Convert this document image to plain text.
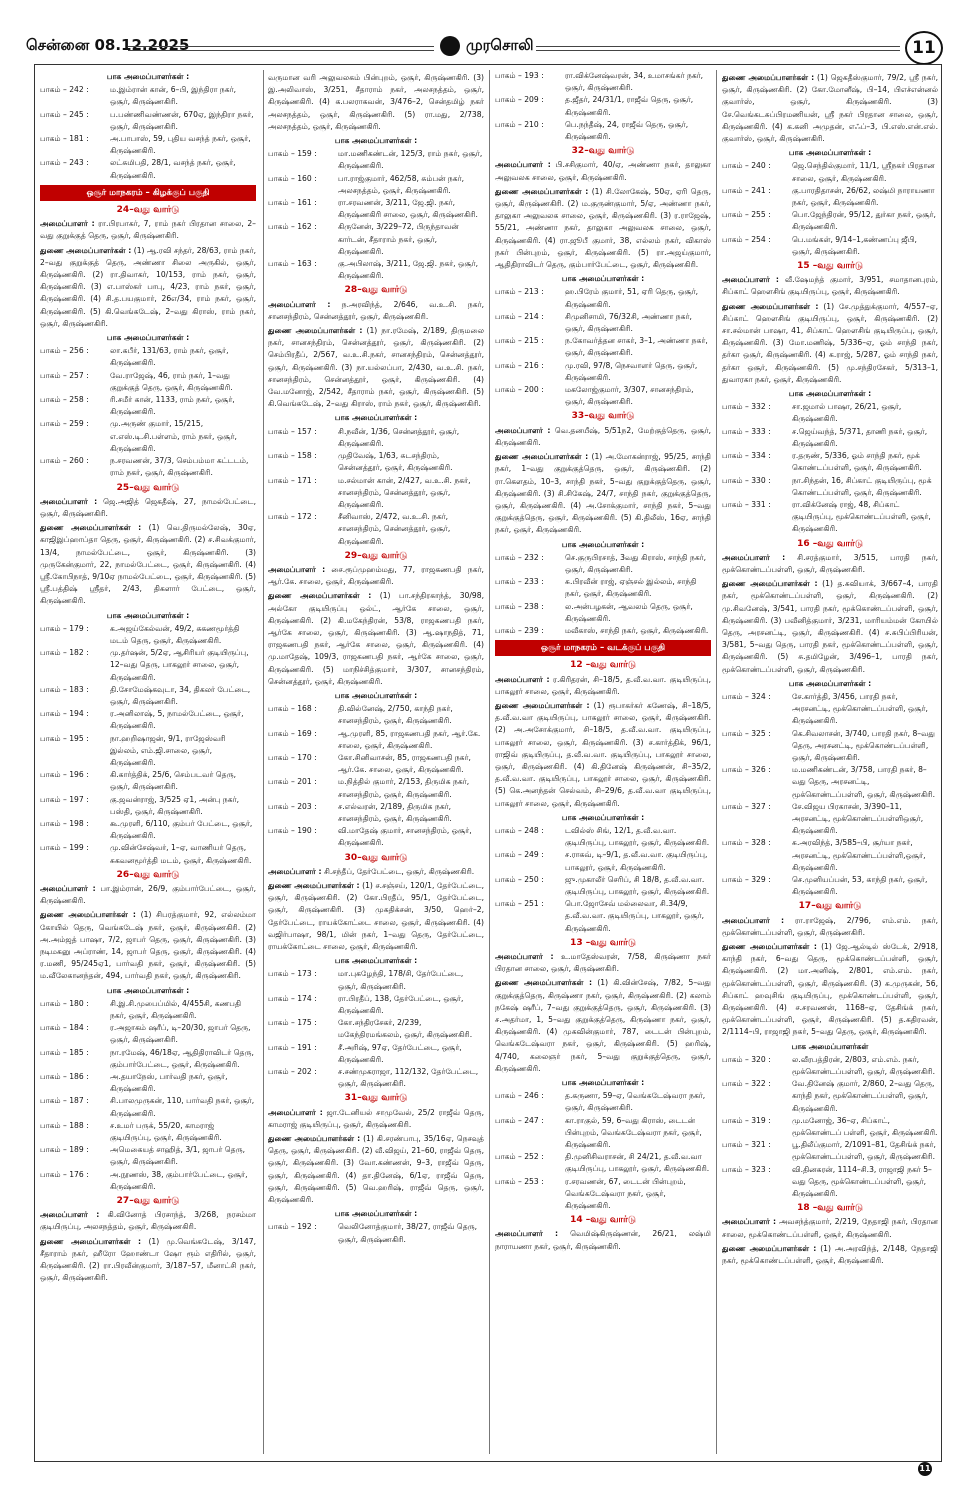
சென்னை 08.12.2025	முரசொலி	11
பாக அமைப்பாளர்கள் :
பாகம் – 242 :	ம.இம்ரான் கான், 6–பி, இந்திரா நகர், ஒசூர், கிருஷ்ணகிரி.
பாகம் – 245 :	ப.பண்ணிவண்ணன், 670ஏ, இந்திரா நகர், ஒசூர், கிருஷ்ணகிரி.
பாகம் – 181 :	அ.பாபாஸ், 59, புதிய வசந்த் நகர், ஒசூர், கிருஷ்ணகிரி.
பாகம் – 243 :	லட்சுமிபதி, 28/1, வசந்த் நகர், ஒசூர், கிருஷ்ணகிரி.
ஒசூர் மாநகரம் – கிழக்குப் பகுதி
24–வது வார்டு
அமைப்பாளர் : ரா.பிரபாகர், 7, ராம் நகர் பிரதான சாலை, 2–வது குறுக்குத் தெரு, ஒசூர், கிருஷ்ணகிரி.
துணை அமைப்பாளர்கள் : (1) ஆ.ரவி சந்தர், 28/63, ராம் நகர், 2–வது குறுக்குத் தெரு, அண்ணா சிலை அருகில், ஒசூர், கிருஷ்ணகிரி. (2) ரா.திவாகர், 10/153, ராம் நகர், ஒசூர், கிருஷ்ணகிரி. (3) எ.பாஸ்கர் பாபு, 4/23, ராம் நகர், ஒசூர், கிருஷ்ணகிரி. (4) சி.த.பயகுமார், 26எ/34, ராம் நகர், ஒசூர், கிருஷ்ணகிரி. (5) கி.வெங்கடேஷ், 2–வது கிராஸ், ராம் நகர், ஒசூர், கிருஷ்ணகிரி.
பாக அமைப்பாளர்கள் :
பாகம் – 256 :	லா.கபீர், 131/63, ராம் நகர், ஒசூர், கிருஷ்ணகிரி.
பாகம் – 257 :	வே.ராஜேஷ், 46, ராம் நகர், 1–வது குறுக்குத் தெரு, ஒசூர், கிருஷ்ணகிரி.
பாகம் – 258 :	ரி.சமீர் கான், 1133, ராம் நகர், ஒசூர், கிருஷ்ணகிரி.
பாகம் – 259 :	மு.அருண் குமார், 15/215, எ.எஸ்.டி.சி.பள்ளம், ராம் நகர், ஒசூர், கிருஷ்ணகிரி.
பாகம் – 260 :	ந.சரவணன், 37/3, செம்பம்மா கட்டடம், ராம் நகர், ஒசூர், கிருஷ்ணகிரி.
25–வது வார்டு
அமைப்பாளர் : ஜெ.அஜித் ஜெகதீஷ், 27, நாமல்பேட்டை, ஒசூர், கிருஷ்ணகிரி.
துணை அமைப்பாளர்கள் : (1) வெ.திருமல்லேஷ், 30ஏ, காஜிஇப்ஹாப்தா தெரு, ஒசூர், கிருஷ்ணகிரி. (2) ச.சிவக்குமார், 13/4, நாமல்பேட்டை, ஒசூர், கிருஷ்ணகிரி. (3) முருகேன்குமார், 22, நாமல்பேட்டை, ஒசூர், கிருஷ்ணகிரி. (4) ஸ்ரீ.கோபிநாத், 9/10ஏ நாமல்பேட்டை, ஒசூர், கிருஷ்ணகிரி. (5) ஸ்ரீ.பத்திஷ் ஸ்ரீதர், 2/43, திகளார் பேட்டை, ஒசூர், கிருஷ்ணகிரி.
பாக அமைப்பாளர்கள் :
பாகம் – 179 :	க.அஜய்கேல்வன், 49/2, சுகணமூர்த்தி மடம் தெரு, ஒசூர், கிருஷ்ணகிரி.
பாகம் – 182 :	மு.தர்ஷன், 5/2ஏ, ஆசிரியர் குடியிருப்பு, 12–வது தெரு, பாகலூர் சாலை, ஒசூர், கிருஷ்ணகிரி.
பாகம் – 183 :	தி.சோமேஷ்கவுடா, 34, திகலர் பேட்டை, ஒசூர், கிருஷ்ணகிரி.
பாகம் – 194 :	ர.அனிலாஷ், 5, நாமல்பேட்டை, ஒசூர், கிருஷ்ணகிரி.
பாகம் – 195 :	நா.ஹறிஷாஜன், 9/1, ராஜேஸ்வரி இல்லம், எம்.ஜி.சாலை, ஒசூர், கிருஷ்ணகிரி.
பாகம் – 196 :	கி.கார்த்திக், 25/6, செம்படவர் தெரு, ஒசூர், கிருஷ்ணகிரி.
பாகம் – 197 :	கு.ஜவன்ராஜ், 3/525 ஏ1, அன்பு நகர், பஸ்தி, ஒசூர், கிருஷ்ணகிரி.
பாகம் – 198 :	கூ.முரளி, 6/110, கும்பர் பேட்டை, ஒசூர், கிருஷ்ணகிரி.
பாகம் – 199 :	மு.வின்சேஷ்வர், 1–ஏ, வாணியர் தெரு, சுகவனமூர்த்தி மடம், ஒசூர், கிருஷ்ணகிரி.
26–வது வார்டு
அமைப்பாளர் : பா.இம்ரான், 26/9, கும்பார்பேட்டை, ஒசூர், கிருஷ்ணகிரி.
துணை அமைப்பாளர்கள் : (1) சிபரத்குமார், 92, எல்லம்மா கோயில் தெரு, வெங்கடேஷ் நகர், ஒசூர், கிருஷ்ணகிரி. (2) அ.அம்ஜத் பாஷா, 7/2, ஜாபர் தெரு, ஒசூர், கிருஷ்ணகிரி. (3) நடிமகனு அப்ராண், 14, ஜாபர் தெரு, ஒசூர், கிருஷ்ணகிரி. (4) ர.மணி, 95/245ஏ1, பார்வதி நகர், ஒசூர், கிருஷ்ணகிரி. (5) ம.வீலேகானந்தன், 494, பார்வதி நகர், ஒசூர், கிருஷ்ணகிரி.
பாக அமைப்பாளர்கள் :
பாகம் – 180 :	சி.இ.சி.முபைப்மில், 4/455சி, கணபதி நகர், ஒசூர், கிருஷ்ணகிரி.
பாகம் – 184 :	ர.அஜாகம் ஷரீப், டி–20/30, ஜாபர் தெரு, ஒசூர், கிருஷ்ணகிரி.
பாகம் – 185 :	நா.ரமேஷ், 46/18ஏ, ஆதிதிராவிடர் தெரு, கும்பார்பேட்டை, ஒசூர், கிருஷ்ணகிரி.
பாகம் – 186 :	அ.தயாநேஸ், பார்வதி நகர், ஒசூர், கிருஷ்ணகிரி.
பாகம் – 187 :	சி.பாலமுருகன், 110, பார்வதி நகர், ஒசூர், கிருஷ்ணகிரி.
பாகம் – 188 :	ச.உமர் பருக், 55/20, காமராஜ் குடியிருப்பு, ஒசூர், கிருஷ்ணகிரி.
பாகம் – 189 :	அமெகையத் சாஹித், 3/1, ஜாபர் தெரு, ஒசூர், கிருஷ்ணகிரி.
பாகம் – 176 :	அ.நூணஸ், 38, கும்பார்பேட்டை, ஒசூர், கிருஷ்ணகிரி.
27–வது வார்டு
அமைப்பாளர் : கி.வினோத் பிரசாந்த், 3/268, நரசம்மா குடியிருப்பு, அலசநத்தம், ஒசூர், கிருஷ்ணகிரி.
துணை அமைப்பாளர்கள் : (1) மு.வெங்கடேஷ், 3/147, சீதாராம் நகர், ஹீரோ ஹோண்டா ஷோ ரூம் எதிரில், ஒசூர், கிருஷ்ணகிரி. (2) ரா.பிரவீன்குமார், 3/187–57, மீனாட்சி நகர், ஒசூர், கிருஷ்ணகிரி.
வருமான வரி அலுவலகம் பின்புறம், ஒசூர், கிருஷ்ணகிரி. (3) இ.அலிவாஸ், 3/251, சீதாராம் நகர், அலசநத்தம், ஒசூர், கிருஷ்ணகிரி. (4) க.பலராகவன், 3/476–2, சென்தமிழ் நகர் அலசநத்தம், ஒசூர், கிருஷ்ணகிரி. (5) ரா.மது, 2/738, அலசநத்தம், ஒசூர், கிருஷ்ணகிரி.
பாக அமைப்பாளர்கள் :
பாகம் – 159 :	மா.மணிகண்டன், 125/3, ராம் நகர், ஒசூர், கிருஷ்ணகிரி.
பாகம் – 160 :	பா.ராஜ்குமார், 462/58, சும்பன் நகர், அலசநத்தம், ஒசூர், கிருஷ்ணகிரி.
பாகம் – 161 :	ரா.சரவணன், 3/211, ஜே.ஜி. நகர், கிருஷ்ணகிரி சாலை, ஒசூர், கிருஷ்ணகிரி.
பாகம் – 162 :	கிருனேன், 3/229–72, பிருந்தாவன் கார்டன், சீதாராம் நகர், ஒசூர், கிருஷ்ணகிரி.
பாகம் – 163 :	கு.அபிலாஷ், 3/211, ஜே.ஜி. நகர், ஒசூர், கிருஷ்ணகிரி.
28–வது வார்டு
அமைப்பாளர் : ந.அரவிந்த், 2/646, வ.உ.சி. நகர், சானசந்திரம், சென்னத்தூர், ஒசூர், கிருஷ்ணகிரி.
துணை அமைப்பாளர்கள் : (1) நா.ரமேஷ், 2/189, திருமலை நகர், சானசந்திரம், சென்னத்தூர், ஒசூர், கிருஷ்ணகிரி. (2) செம்பிரதீப், 2/567, வ.உ.சி.நகர், சானசந்திரம், சென்னத்தூர், ஒசூர், கிருஷ்ணகிரி. (3) நா.யல்லப்பா, 2/430, வ.உ.சி. நகர், சானசந்திரம், சென்னத்தூர், ஒசூர், கிருஷ்ணகிரி. (4) வே.மனோஜ், 2/542, சீதாராம் நகர், ஒசூர், கிருஷ்ணகிரி. (5) கி.வெங்கடேஷ், 2–வது கிராஸ், ராம் நகர், ஒசூர், கிருஷ்ணகிரி.
பாக அமைப்பாளர்கள் :
பாகம் – 157 :	சி.நவீன், 1/36, சென்னத்தூர், ஒசூர், கிருஷ்ணகிரி.
பாகம் – 158 :	முதிவேஷ், 1/63, சுடசந்திரம், சென்னத்தூர், ஒசூர், கிருஷ்ணகிரி.
பாகம் – 171 :	ம.சல்மான் கான், 2/427, வ.உ.சி. நகர், சானசந்திரம், சென்னத்தூர், ஒசூர், கிருஷ்ணகிரி.
பாகம் – 172 :	சீனிவாஸ், 2/472, வ.உ.சி. நகர், சானசந்திரம், சென்னத்தூர், ஒசூர், கிருஷ்ணகிரி.
29–வது வார்டு
அமைப்பாளர் : சை.ரூப்முஹம்மது, 77, ராஜகணபதி நகர், ஆர்.கே. சாலை, ஒசூர், கிருஷ்ணகிரி.
துணை அமைப்பாளர்கள் : (1) பா.சந்திரகாந்த், 30/98, அல்கோ குடியிருப்பு ஒல்ட், ஆர்கே சாலை, ஒசூர், கிருஷ்ணகிரி. (2) கி.மகேந்திரன், 53/8, ராஜகணபதி நகர், ஆர்கே சாலை, ஒசூர், கிருஷ்ணகிரி. (3) ஆ.ஷாநதித், 71, ராஜகணபதி நகர், ஆர்கே சாலை, ஒசூர், கிருஷ்ணகிரி. (4) மு.மாதேஷ், 109/3, ராஜகணபதி நகர், ஆர்கே சாலை, ஒசூர், கிருஷ்ணகிரி. (5) மாநிச்சித்குமார், 3/307, சானசந்திரம், சென்னத்தூர், ஒசூர், கிருஷ்ணகிரி.
பாக அமைப்பாளர்கள் :
பாகம் – 168 :	தி.வில்னேஷ், 2/750, காந்தி நகர், சானசந்திரம், ஒசூர், கிருஷ்ணகிரி.
பாகம் – 169 :	ஆ.முரளி, 85, ராஜகணபதி நகர், ஆர்.கே. சாலை, ஒசூர், கிருஷ்ணகிரி.
பாகம் – 170 :	கோ.சினிவாசன், 85, ராஜகணபதி நகர், ஆர்.கே. சாலை, ஒசூர், கிருஷ்ணகிரி.
பாகம் – 201 :	ம.நித்தில் குமார், 2/153, திருமிக நகர், சானசந்திரம், ஒசூர், கிருஷ்ணகிரி.
பாகம் – 203 :	ச.எல்வரன், 2/189, திருமிக நகர், சானசந்திரம், ஒசூர், கிருஷ்ணகிரி.
பாகம் – 190 :	வி.மாதேஷ் குமார், சானசந்திரம், ஒசூர், கிருஷ்ணகிரி.
30–வது வார்டு
அமைப்பாளர் : சி.சந்தீப், தேர்பேட்டை, ஒசூர், கிருஷ்ணகிரி.
துணை அமைப்பாளர்கள் : (1) ச.சஞ்சய், 120/1, தேர்பேட்டை, ஒசூர், கிருஷ்ணகிரி. (2) கோ.பிரதீப், 95/1, தேர்பேட்டை, ஒசூர், கிருஷ்ணகிரி. (3) முகதிக்சன், 3/50, ஹெர்–2, தேர்பேட்டை, ராயக்கோட்டை சாலை, ஒசூர், கிருஷ்ணகிரி. (4) வஜிர்பாஷா, 98/1, மின் நகர், 1–வது தெரு, தேர்பேட்டை, ராயக்கோட்டை சாலை, ஒசூர், கிருஷ்ணகிரி.
பாக அமைப்பாளர்கள் :
பாகம் – 173 :	மா.புகழேந்தி, 178/சி, தேர்பேட்டை, ஒசூர், கிருஷ்ணகிரி.
பாகம் – 174 :	ரா.பிரதீப், 138, தேர்பேட்டை, ஒசூர், கிருஷ்ணகிரி.
பாகம் – 175 :	கோ.சந்திரசேகர், 2/239, மகேந்திரமங்கலம், ஒசூர், கிருஷ்ணகிரி.
பாகம் – 191 :	சீ.அரிஷ், 97ஏ, தேர்பேட்டை, ஒசூர், கிருஷ்ணகிரி.
பாகம் – 202 :	ச.சண்முகராஜா, 112/132, தேர்பேட்டை, ஒசூர், கிருஷ்ணகிரி.
31–வது வார்டு
அமைப்பாளர் : ஜா.டேனியல் சாமுவேல், 25/2 ராஜீவ் தெரு, காமராஜ் குடியிருப்பு, ஒசூர், கிருஷ்ணகிரி.
துணை அமைப்பாளர்கள் : (1) கி.சரண்பாபு, 35/16ஏ, நெசவுத் தெரு, ஒசூர், கிருஷ்ணகிரி. (2) வீ.விஜய், 21–60, ராஜீவ் தெரு, ஒசூர், கிருஷ்ணகிரி. (3) வோ.கண்ணன், 9–3, ராஜீவ் தெரு, ஒசூர், கிருஷ்ணகிரி. (4) தா.தினேஷ், 6/1ஏ, ராஜீவ் தெரு, ஒசூர், கிருஷ்ணகிரி. (5) வெ.ஹரிஷ், ராஜீவ் தெரு, ஒசூர், கிருஷ்ணகிரி.
பாக அமைப்பாளர்கள் :
பாகம் – 192 :	வெலினோத்குமார், 38/27, ராஜீவ் தெரு, ஒசூர், கிருஷ்ணகிரி.
பாகம் – 193 :	ரா.விக்னேஷ்வரன், 34, உமாசங்கர் நகர், ஒசூர், கிருஷ்ணகிரி.
பாகம் – 209 :	த.ஜீதர், 24/31/1, ராஜீவ் தெரு, ஒசூர், கிருஷ்ணகிரி.
பாகம் – 210 :	பெ.நந்தீஷ், 24, ராஜீவ் தெரு, ஒசூர், கிருஷ்ணகிரி.
32–வது வார்டு
அமைப்பாளர் : பி.சசிகுமார், 40/ஏ, அண்ணா நகர், தாலுகா அலுவலக சாலை, ஒசூர், கிருஷ்ணகிரி.
துணை அமைப்பாளர்கள் : (1) சி.லோகேஷ், 50ஏ, ஏரி தெரு, ஒசூர், கிருஷ்ணகிரி. (2) ம.குருண்குமார், 5/ஏ, அண்ணா நகர், தாலுகா அலுவலக சாலை, ஒசூர், கிருஷ்ணகிரி. (3) ர.ராஜேஷ், 55/21, அண்ணா நகர், தாலுகா அலுவலக சாலை, ஒசூர், கிருஷ்ணகிரி. (4) ரா.ஜூபீ குமார், 38, எல்லம் நகர், விகாஸ் நகர் பின்புறம், ஒசூர், கிருஷ்ணகிரி. (5) ரா.அஜய்குமார், ஆதிதிராவிடர் தெரு, கும்பார்பேட்டை, ஒசூர், கிருஷ்ணகிரி.
பாக அமைப்பாளர்கள் :
பாகம் – 213 :	ஹ.பிரேம் குமார், 51, ஏரி தெரு, ஒசூர், கிருஷ்ணகிரி.
பாகம் – 214 :	சிமுனிசாமி, 76/32சி, அண்ணா நகர், ஒசூர், கிருஷ்ணகிரி.
பாகம் – 215 :	ந.கோவர்த்தன சாகர், 3–1, அண்ணா நகர், ஒசூர், கிருஷ்ணகிரி.
பாகம் – 216 :	மு.ரவி, 97/8, நெசவாளர் தெரு, ஒசூர், கிருஷ்ணகிரி.
பாகம் – 200 :	மகலோஜ்குமார், 3/307, சானசந்திரம், ஒசூர், கிருஷ்ணகிரி.
33–வது வார்டு
அமைப்பாளர் : வெ.தனயீஷ், 5/51ந2, மேற்குத்தெரு, ஒசூர், கிருஷ்ணகிரி.
துணை அமைப்பாளர்கள் : (1) அ.மோகன்ராஜ், 95/25, சாந்தி நகர், 1–வது குறுக்குத்தெரு, ஒசூர், கிருஷ்ணகிரி. (2) ரா.கௌதம், 10–3, சாந்தி நகர், 5–வது குறுக்குத்தெரு, ஒசூர், கிருஷ்ணகிரி. (3) சி.சிகேஷ், 24/7, சாந்தி நகர், குறுக்குத்தெரு, ஒசூர், கிருஷ்ணகிரி. (4) அ.சோக்குமார், சாந்தி நகர், 5–வது குறுக்குத்தெரு, ஒசூர், கிருஷ்ணகிரி. (5) கி.திலீஸ், 16ஏ, சாந்தி நகர், ஒசூர், கிருஷ்ணகிரி.
பாக அமைப்பாளர்கள் :
பாகம் – 232 :	செ.குருபிரசாத், 3வது கிராஸ், சாந்தி நகர், ஒசூர், கிருஷ்ணகிரி.
பாகம் – 233 :	சு.பிரவீன் ராஜ், ஏஞ்சல் இல்லம், சாந்தி நகர், ஒசூர், கிருஷ்ணகிரி.
பாகம் – 238 :	ல.அன்பழகன், ஆவலம் தெரு, ஒசூர், கிருஷ்ணகிரி.
பாகம் – 239 :	மவீகாஸ், சாந்தி நகர், ஒசூர், கிருஷ்ணகிரி.
ஒசூர் மாநகரம் – வடக்குப் பகுதி
12 –வது வார்டு
அமைப்பாளர் : ர.கிரிதரன், சி–18/5, த.வீ.வ.வா. குடியிருப்பு, பாகலூர் சாலை, ஒசூர், கிருஷ்ணகிரி.
துணை அமைப்பாளர்கள் : (1) ரூபாகர்கர் கணேஷ், சி–18/5, த.வீ.வ.வா குடியிருப்பு, பாகலூர் சாலை, ஒசூர், கிருஷ்ணகிரி. (2) அ.அசோக்குமார், சி–18/5, த.வீ.வ.வா. குடியிருப்பு, பாகலூர் சாலை, ஒசூர், கிருஷ்ணகிரி. (3) ச.கார்த்திக், 96/1, ராஜிவ் குடியிருப்பு, த.வீ.வ.வா. குடியிருப்பு, பாகலூர் சாலை, ஒசூர், கிருஷ்ணகிரி. (4) கி.தினேஷ் கிருஷ்ணன், சி–35/2, த.வீ.வ.வா. குடியிருப்பு, பாகலூர் சாலை, ஒசூர், கிருஷ்ணகிரி. (5) கெ.அனந்தன் செல்வம், சி–29/6, த.வீ.வ.வா குடியிருப்பு, பாகலூர் சாலை, ஒசூர், கிருஷ்ணகிரி.
பாக அமைப்பாளர்கள் :
பாகம் – 248 :	டவில்ஸ் சிங், 12/1, த.வீ.வ.வா. குடியிருப்பு, பாகலூர், ஒசூர், கிருஷ்ணகிரி.
பாகம் – 249 :	ச.ராகவ், டி–9/1, த.வீ.வ.வா. குடியிருப்பு, பாகலூர், ஒசூர், கிருஷ்ணகிரி.
பாகம் – 250 :	ஜு.முகாலீர் செரிப், சி 18/8, த.வீ.வ.வா. குடியிருப்பு, பாகலூர், ஒசூர், கிருஷ்ணகிரி.
பாகம் – 251 :	பொ.ஜோசேவ் மல்லைவா, சி.34/9, த.வீ.வ.வா. குடியிருப்பு, பாகலூர், ஒசூர், கிருஷ்ணகிரி.
13 –வது வார்டு
அமைப்பாளர் : உ.மாதேஸ்வரன், 7/58, கிருஷ்ணா நகர் பிரதான சாலை, ஒசூர், கிருஷ்ணகிரி.
துணை அமைப்பாளர்கள் : (1) கி.வின்சேஷ், 7/82, 5–வது குறுக்குத்தெரு, கிருஷ்ணா நகர், ஒசூர், கிருஷ்ணகிரி. (2) கலாம் நகேஷ் ஷரீப், 7–வது குறுக்குத்தெரு, ஒசூர், கிருஷ்ணகிரி. (3) ச.அதர்மா, 1, 5–வது குறுக்குத்தெரு, கிருஷ்ணா நகர், ஒசூர், கிருஷ்ணகிரி. (4) முகவின்குமார், 787, டைடன் பின்புறம், வெங்கடேஷ்வரா நகர், ஒசூர், கிருஷ்ணகிரி. (5) ஹரிஷ், 4/740, கலைஞர் நகர், 5–வது குறுக்குத்தெரு, ஒசூர், கிருஷ்ணகிரி.
பாக அமைப்பாளர்கள் :
பாகம் – 246 :	த.கருணா, 59–ஏ, வெங்கடேஷ்வரா நகர், ஒசூர், கிருஷ்ணகிரி.
பாகம் – 247 :	கா.ராகுல், 59, 6–வது கிராஸ், டைடன் பின்புறம், வெங்கடேஷ்வரா நகர், ஒசூர், கிருஷ்ணகிரி.
பாகம் – 252 :	தி.முனிசிவராசன், சி 24/21, த.வீ.வ.வா குடியிருப்பு, பாகலூர், ஒசூர், கிருஷ்ணகிரி.
பாகம் – 253 :	ர.சரவணன், 67, டைடன் பின்புறம், வெங்கடேஷ்வரா நகர், ஒசூர், கிருஷ்ணகிரி.
14 –வது வார்டு
அமைப்பாளர் : வெமிஷ்கிருஷ்ணன், 26/21, லஷ்மி நாராயணா நகர், ஒசூர், கிருஷ்ணகிரி.
துணை அமைப்பாளர்கள் : (1) ஜெகதீஸ்குமார், 79/2, ஸ்ரீ நகர், ஒசூர், கிருஷ்ணகிரி. (2) கோ.மோனீஷ், பி–14, பிஎச்என்னல் குவார்ஸ், ஒசூர், கிருஷ்ணகிரி. (3) சே.வெங்கடசுப்பிரமணியன், ஸ்ரீ நகர் பிரதான சாலை, ஒசூர், கிருஷ்ணகிரி. (4) க.கனி அமுதன், எஃப்–3, பி.எஸ்.என்.எல். குவார்ஸ், ஒசூர், கிருஷ்ணகிரி.
பாக அமைப்பாளர்கள் :
பாகம் – 240 :	ஜெ.செந்தில்குமார், 11/1, ஸ்ரீநகர் பிரதான சாலை, ஒசூர், கிருஷ்ணகிரி.
பாகம் – 241 :	கு.பாரதிதாசன், 26/62, லஷ்மி நாராயணா நகர், ஒசூர், கிருஷ்ணகிரி.
பாகம் – 255 :	பொ.ஜேந்திரன், 95/12, துர்கா நகர், ஒசூர், கிருஷ்ணகிரி.
பாகம் – 254 :	பெ.மங்கள், 9/14–1,கண்ணப்பு ஜீபி, ஒசூர், கிருஷ்ணகிரி.
15 –வது வார்டு
அமைப்பாளர் : வீ.ஷேமந்த் குமார், 3/951, சமாதானபுரம், சிப்காட் ஹௌசிங் குடியிருப்பு, ஒசூர், கிருஷ்ணகிரி.
துணை அமைப்பாளர்கள் : (1) சே.முத்துக்குமார், 4/557–ஏ, சிப்காட் ஹௌசிங் குடியிருப்பு, ஒசூர், கிருஷ்ணகிரி. (2) சா.சல்மான் பாஷா, 41, சிப்காட் ஹௌசிங் குடியிருப்பு, ஒசூர், கிருஷ்ணகிரி. (3) மோ.மணிஷ், 5/336–ஏ, ஓம் சாந்தி நகர், தர்கா ஒசூர், கிருஷ்ணகிரி. (4) க.ராஜ், 5/287, ஓம் சாந்தி நகர், தர்கா ஒசூர், கிருஷ்ணகிரி. (5) மு.சந்திரசேகர், 5/313–1, துவாரகா நகர், ஒசூர், கிருஷ்ணகிரி.
பாக அமைப்பாளர்கள் :
பாகம் – 332 :	சா.ஜமால் பாஷா, 26/21, ஒசூர், கிருஷ்ணகிரி.
பாகம் – 333 :	ச.ஜெய்வந்த், 5/371, தாணி நகர், ஒசூர், கிருஷ்ணகிரி.
பாகம் – 334 :	ர.தருண், 5/336, ஓம் சாந்தி நகர், மூக் கொண்டப்பள்ளி, ஒசூர், கிருஷ்ணகிரி.
பாகம் – 330 :	நா.சிந்தன், 16, சிப்காட் குடியிருப்பு, மூக் கொண்டப்பள்ளி, ஒசூர், கிருஷ்ணகிரி.
பாகம் – 331 :	ரா.விக்னேஷ் ராஜ், 48, சிப்காட் குடியிருப்பு, மூக்கொண்டப்பள்ளி, ஒசூர், கிருஷ்ணகிரி.
16 –வது வார்டு
அமைப்பாளர் : சி.சரத்குமார், 3/515, பாரதி நகர், மூக்கொண்டப்பள்ளி, ஒசூர், கிருஷ்ணகிரி.
துணை அமைப்பாளர்கள் : (1) த.சுவியாக், 3/667–4, பாரதி நகர், மூக்கொண்டப்பள்ளி, ஒசூர், கிருஷ்ணகிரி. (2) மு.சிவனேஷ், 3/541, பாரதி நகர், மூக்கொண்டப்பள்ளி, ஒசூர், கிருஷ்ணகிரி. (3) பவீனித்குமார், 3/231, மாரியம்மன் கோயில் தெரு, அரசனட்டி, ஒசூர், கிருஷ்ணகிரி. (4) ச.சுபிப்பிரியன், 3/581, 5–வது தெரு, பாரதி நகர், மூக்கொண்டப்பள்ளி, ஒசூர், கிருஷ்ணகிரி. (5) சு.தமிழேன், 3/496–1, பாரதி நகர், மூக்கொண்டப்பள்ளி, ஒசூர், கிருஷ்ணகிரி.
பாக அமைப்பாளர்கள் :
பாகம் – 324 :	சே.கார்த்தி, 3/456, பாரதி நகர், அரசனட்டி, மூக்கொண்டப்பள்ளி, ஒசூர், கிருஷ்ணகிரி.
பாகம் – 325 :	கெ.சிவலாசன், 3/740, பாரதி நகர், 8–வது தெரு, அரசனட்டி, மூக்கொண்டப்பள்ளி, ஒசூர், கிருஷ்ணகிரி.
பாகம் – 326 :	ம.மணிகண்டன், 3/758, பாரதி நகர், 8–வது தெரு, அரசனட்டி, மூக்கொண்டப்பள்ளி, ஒசூர், கிருஷ்ணகிரி.
பாகம் – 327 :	சே.விஜய பிரகாசன், 3/390–11, அரசனட்டி, மூக்கொண்டப்பள்ளிஒசூர், கிருஷ்ணகிரி.
பாகம் – 328 :	சு.அரவிந்த், 3/585–பி, சூர்யா நகர், அரசனட்டி, மூக்கொண்டப்பள்ளி,ஒசூர், கிருஷ்ணகிரி.
பாகம் – 329 :	செ.முனியப்பன், 53, காந்தி நகர், ஒசூர், கிருஷ்ணகிரி.
17–வது வார்டு
அமைப்பாளர் : ரா.ராஜேஷ், 2/796, எம்.எம். நகர், மூக்கொண்டப்பள்ளி, ஒசூர், கிருஷ்ணகிரி.
துணை அமைப்பாளர்கள் : (1) ஜே.ஆல்டில் ஸ்டேக், 2/918, காந்தி நகர், 6–வது தெரு, மூக்கொண்டப்பள்ளி, ஒசூர், கிருஷ்ணகிரி. (2) மா.அனிஷ், 2/801, எம்.எம். நகர், மூக்கொண்டப்பள்ளி, ஒசூர், கிருஷ்ணகிரி. (3) சு.முருகன், 56, சிப்காட் ஹவுசிங் குடியிருப்பு, மூக்கொண்டப்பள்ளி, ஒசூர், கிருஷ்ணகிரி. (4) ச.சரவணன், 1168–ஏ, தேசிங்க் நகர், மூக்கொண்டப்பள்ளி, ஒசூர், கிருஷ்ணகிரி. (5) த.கதிரவன், 2/1114–பி, ராஜாஜி நகர், 5–வது தெரு, ஒசூர், கிருஷ்ணகிரி.
பாக அமைப்பாளர்கள்
பாகம் – 320 :	ல.வீரபத்திரன், 2/803, எம்.எம். நகர், மூக்கொண்டப்பள்ளி, ஒசூர், கிருஷ்ணகிரி.
பாகம் – 322 :	வே.தினேஷ் குமார், 2/860, 2–வது தெரு, காந்தி நகர், மூக்கொண்டப்பள்ளி, ஒசூர், கிருஷ்ணகிரி.
பாகம் – 319 :	மு.மனோஜ், 36–ஏ, சிப்காட், மூக்கொண்டப் பள்ளி, ஒசூர், கிருஷ்ணகிரி.
பாகம் – 321 :	பூ.திலீப்குமார், 2/1091–81, தேசிங்க் நகர், மூக்கொண்டப்பள்ளி, ஒசூர், கிருஷ்ணகிரி.
பாகம் – 323 :	வி.தினகரன், 1114–சி.3, ராஜாஜி நகர் 5–வது தெரு, மூக்கொண்டப்பள்ளி, ஒசூர், கிருஷ்ணகிரி.
18 –வது வார்டு
அமைப்பாளர் : அவசந்த்குமார், 2/219, நேதாஜி நகர், பிரதான சாலை, மூக்கொண்டப்பள்ளி, ஒசூர், கிருஷ்ணகிரி.
துணை அமைப்பாளர்கள் : (1) அ.அரவிந்த், 2/148, நேதாஜி நகர், மூக்கொண்டப்பள்ளி, ஒசூர், கிருஷ்ணகிரி.
11
